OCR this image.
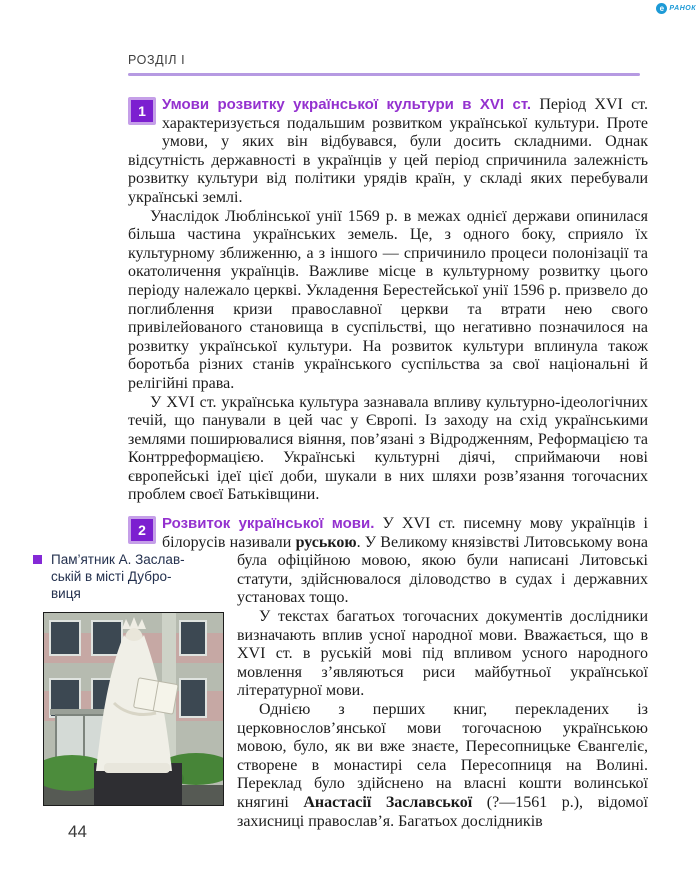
е РАНОК
РОЗДІЛ І

1	Умови розвитку української культури в XVI ст. Період XVI ст. характеризується подальшим розвитком української культури. Проте умови, у яких він відбувався, були досить складними. Однак відсутність державності в українців у цей період спричинила залежність розвитку культури від політики урядів країн, у складі яких перебували українські землі.

Унаслідок Люблінської унії 1569 р. в межах однієї держави опинилася більша частина українських земель. Це, з одного боку, сприяло їх культурному зближенню, а з іншого — спричинило процеси полонізації та окатоличення українців. Важливе місце в культурному розвитку цього періоду належало церкві. Укладення Берестейської унії 1596 р. призвело до поглиблення кризи православної церкви та втрати нею свого привілейованого становища в суспільстві, що негативно позначилося на розвитку української культури. На розвиток культури вплинула також боротьба різних станів українського суспільства за свої національні й релігійні права.

У XVI ст. українська культура зазнавала впливу культурно-ідеологічних течій, що панували в цей час у Європі. Із заходу на схід українськими землями поширювалися віяння, пов’язані з Відродженням, Реформацією та Контрреформацією. Українські культурні діячі, сприймаючи нові європейські ідеї цієї доби, шукали в них шляхи розв’язання тогочасних проблем своєї Батьківщини.

2	Розвиток української мови. У XVI ст. писемну мову українців і білорусів називали руською. У Великому князівстві Литовському вона була офіційною мовою, якою були написані Литовські статути, здійснювалося діловодство в судах і державних установах тощо.

У текстах багатьох тогочасних документів дослідники визначають вплив усної народної мови. Вважається, що в XVI ст. в руській мові під впливом усного народного мовлення з’являються риси майбутньої української літературної мови.

Однією з перших книг, перекладених із церковнослов’янської мови тогочасною українською мовою, було, як ви вже знаєте, Пересопницьке Євангеліє, створене в монастирі села Пересопниця на Волині. Переклад було здійснено на власні кошти волинської княгині Анастасії Заславської (?—1561 р.), відомої захисниці православ’я. Багатьох дослідників

Пам’ятник А. Заслав-
ській в місті Дубро-
виця
44
